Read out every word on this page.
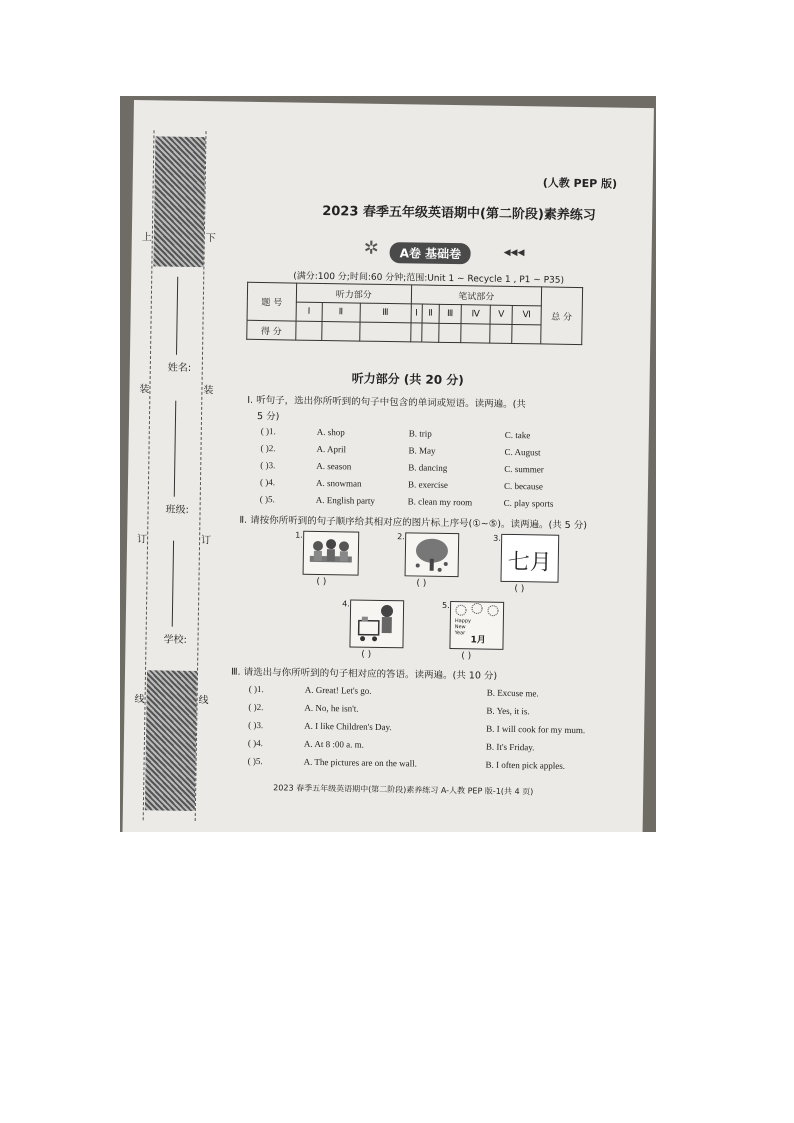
上	下
装	装
订	订
线	线
姓名:
班级:
学校:
(人教 PEP 版)
2023 春季五年级英语期中(第二阶段)素养练习
✲	A卷 基础卷	◀◀◀
(满分:100 分;时间:60 分钟;范围:Unit 1 ~ Recycle 1 , P1 ~ P35)
题 号	听力部分			笔试部分						总 分
	Ⅰ	Ⅱ	Ⅲ	Ⅰ	Ⅱ	Ⅲ	Ⅳ	Ⅴ	Ⅵ	
得 分										
听力部分 (共 20 分)
Ⅰ. 听句子，选出你所听到的句子中包含的单词或短语。读两遍。(共
5 分)
( )1.	A. shop	B. trip	C. take
( )2.	A. April	B. May	C. August
( )3.	A. season	B. dancing	C. summer
( )4.	A. snowman	B. exercise	C. because
( )5.	A. English party	B. clean my room	C. play sports
Ⅱ. 请按你所听到的句子顺序给其相对应的图片标上序号(①~⑤)。读两遍。(共 5 分)
1.
( )
2.
( )
3.
七月
( )
4.
( )
5.
Happy
New
Year
1月
( )
Ⅲ. 请选出与你所听到的句子相对应的答语。读两遍。(共 10 分)
( )1.	A. Great! Let's go.	B. Excuse me.
( )2.	A. No, he isn't.	B. Yes, it is.
( )3.	A. I like Children's Day.	B. I will cook for my mum.
( )4.	A. At 8 :00 a. m.	B. It's Friday.
( )5.	A. The pictures are on the wall.	B. I often pick apples.
2023 春季五年级英语期中(第二阶段)素养练习 A-人教 PEP 版-1(共 4 页)
